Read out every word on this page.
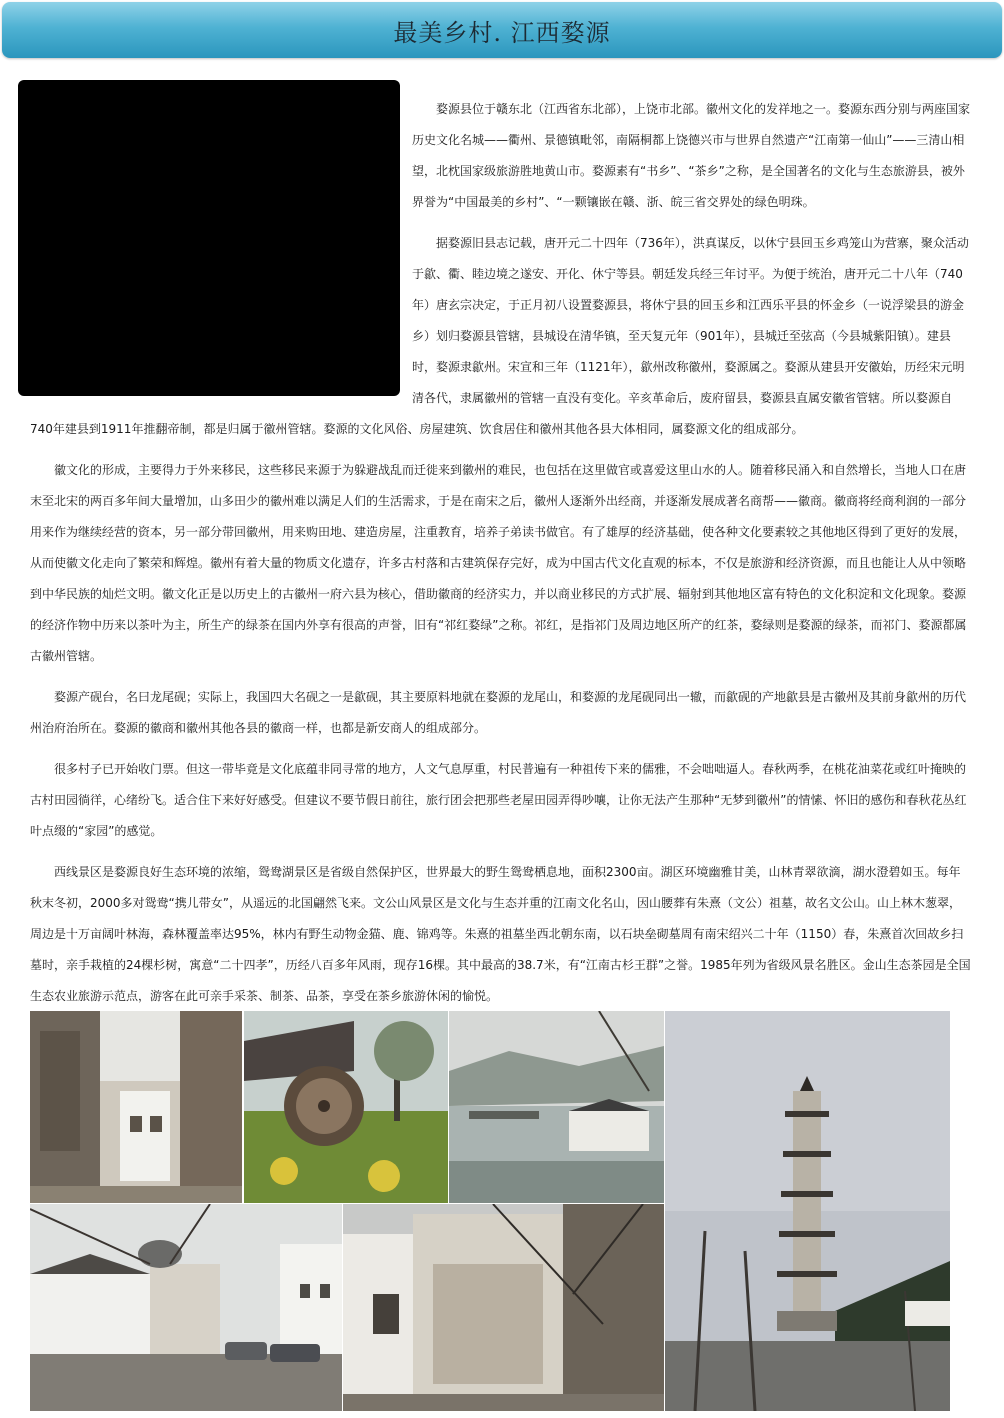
最美乡村. 江西婺源

婺源县位于赣东北（江西省东北部），上饶市北部。徽州文化的发祥地之一。婺源东西分别与两座国家历史文化名城——衢州、景德镇毗邻，南隔桐都上饶德兴市与世界自然遗产“江南第一仙山”——三清山相望，北枕国家级旅游胜地黄山市。婺源素有“书乡”、“茶乡”之称，是全国著名的文化与生态旅游县，被外界誉为“中国最美的乡村”、“一颗镶嵌在赣、浙、皖三省交界处的绿色明珠。

据婺源旧县志记载，唐开元二十四年（736年），洪真谋反，以休宁县回玉乡鸡笼山为营寨，聚众活动于歙、衢、睦边境之遂安、开化、休宁等县。朝廷发兵经三年讨平。为便于统治，唐开元二十八年（740年）唐玄宗决定，于正月初八设置婺源县，将休宁县的回玉乡和江西乐平县的怀金乡（一说浮梁县的游金乡）划归婺源县管辖，县城设在清华镇，至天复元年（901年），县城迁至弦高（今县城紫阳镇）。建县时，婺源隶歙州。宋宣和三年（1121年），歙州改称徽州，婺源属之。婺源从建县开安徽始，历经宋元明清各代，隶属徽州的管辖一直没有变化。辛亥革命后，废府留县，婺源县直属安徽省管辖。所以婺源自740年建县到1911年推翻帝制，都是归属于徽州管辖。婺源的文化风俗、房屋建筑、饮食居住和徽州其他各县大体相同，属婺源文化的组成部分。

徽文化的形成，主要得力于外来移民，这些移民来源于为躲避战乱而迁徙来到徽州的难民，也包括在这里做官或喜爱这里山水的人。随着移民涌入和自然增长，当地人口在唐末至北宋的两百多年间大量增加，山多田少的徽州难以满足人们的生活需求，于是在南宋之后，徽州人逐渐外出经商，并逐渐发展成著名商帮——徽商。徽商将经商利润的一部分用来作为继续经营的资本，另一部分带回徽州，用来购田地、建造房屋，注重教育，培养子弟读书做官。有了雄厚的经济基础，使各种文化要素较之其他地区得到了更好的发展，从而使徽文化走向了繁荣和辉煌。徽州有着大量的物质文化遗存，许多古村落和古建筑保存完好，成为中国古代文化直观的标本，不仅是旅游和经济资源，而且也能让人从中领略到中华民族的灿烂文明。徽文化正是以历史上的古徽州一府六县为核心，借助徽商的经济实力，并以商业移民的方式扩展、辐射到其他地区富有特色的文化积淀和文化现象。婺源的经济作物中历来以茶叶为主，所生产的绿茶在国内外享有很高的声誉，旧有“祁红婺绿”之称。祁红，是指祁门及周边地区所产的红茶，婺绿则是婺源的绿茶，而祁门、婺源都属古徽州管辖。

婺源产砚台，名曰龙尾砚；实际上，我国四大名砚之一是歙砚，其主要原料地就在婺源的龙尾山，和婺源的龙尾砚同出一辙，而歙砚的产地歙县是古徽州及其前身歙州的历代州治府治所在。婺源的徽商和徽州其他各县的徽商一样，也都是新安商人的组成部分。

很多村子已开始收门票。但这一带毕竟是文化底蕴非同寻常的地方，人文气息厚重，村民普遍有一种祖传下来的儒雅，不会咄咄逼人。春秋两季，在桃花油菜花或红叶掩映的古村田园徜徉，心绪纷飞。适合住下来好好感受。但建议不要节假日前往，旅行团会把那些老屋田园弄得吵嚷，让你无法产生那种“无梦到徽州”的情愫、怀旧的感伤和春秋花丛红叶点缀的“家园”的感觉。

西线景区是婺源良好生态环境的浓缩，鸳鸯湖景区是省级自然保护区，世界最大的野生鸳鸯栖息地，面积2300亩。湖区环境幽雅甘美，山林青翠欲滴，湖水澄碧如玉。每年秋末冬初，2000多对鸳鸯“携儿带女”，从遥远的北国翩然飞来。文公山风景区是文化与生态并重的江南文化名山，因山腰葬有朱熹（文公）祖墓，故名文公山。山上林木葱翠，周边是十万亩阔叶林海，森林覆盖率达95%，林内有野生动物金猫、鹿、锦鸡等。朱熹的祖墓坐西北朝东南，以石块垒砌墓周有南宋绍兴二十年（1150）春，朱熹首次回故乡扫墓时，亲手栽植的24棵杉树，寓意“二十四孝”，历经八百多年风雨，现存16棵。其中最高的38.7米，有“江南古杉王群”之誉。1985年列为省级风景名胜区。金山生态茶园是全国生态农业旅游示范点，游客在此可亲手采茶、制茶、品茶，享受在茶乡旅游休闲的愉悦。
